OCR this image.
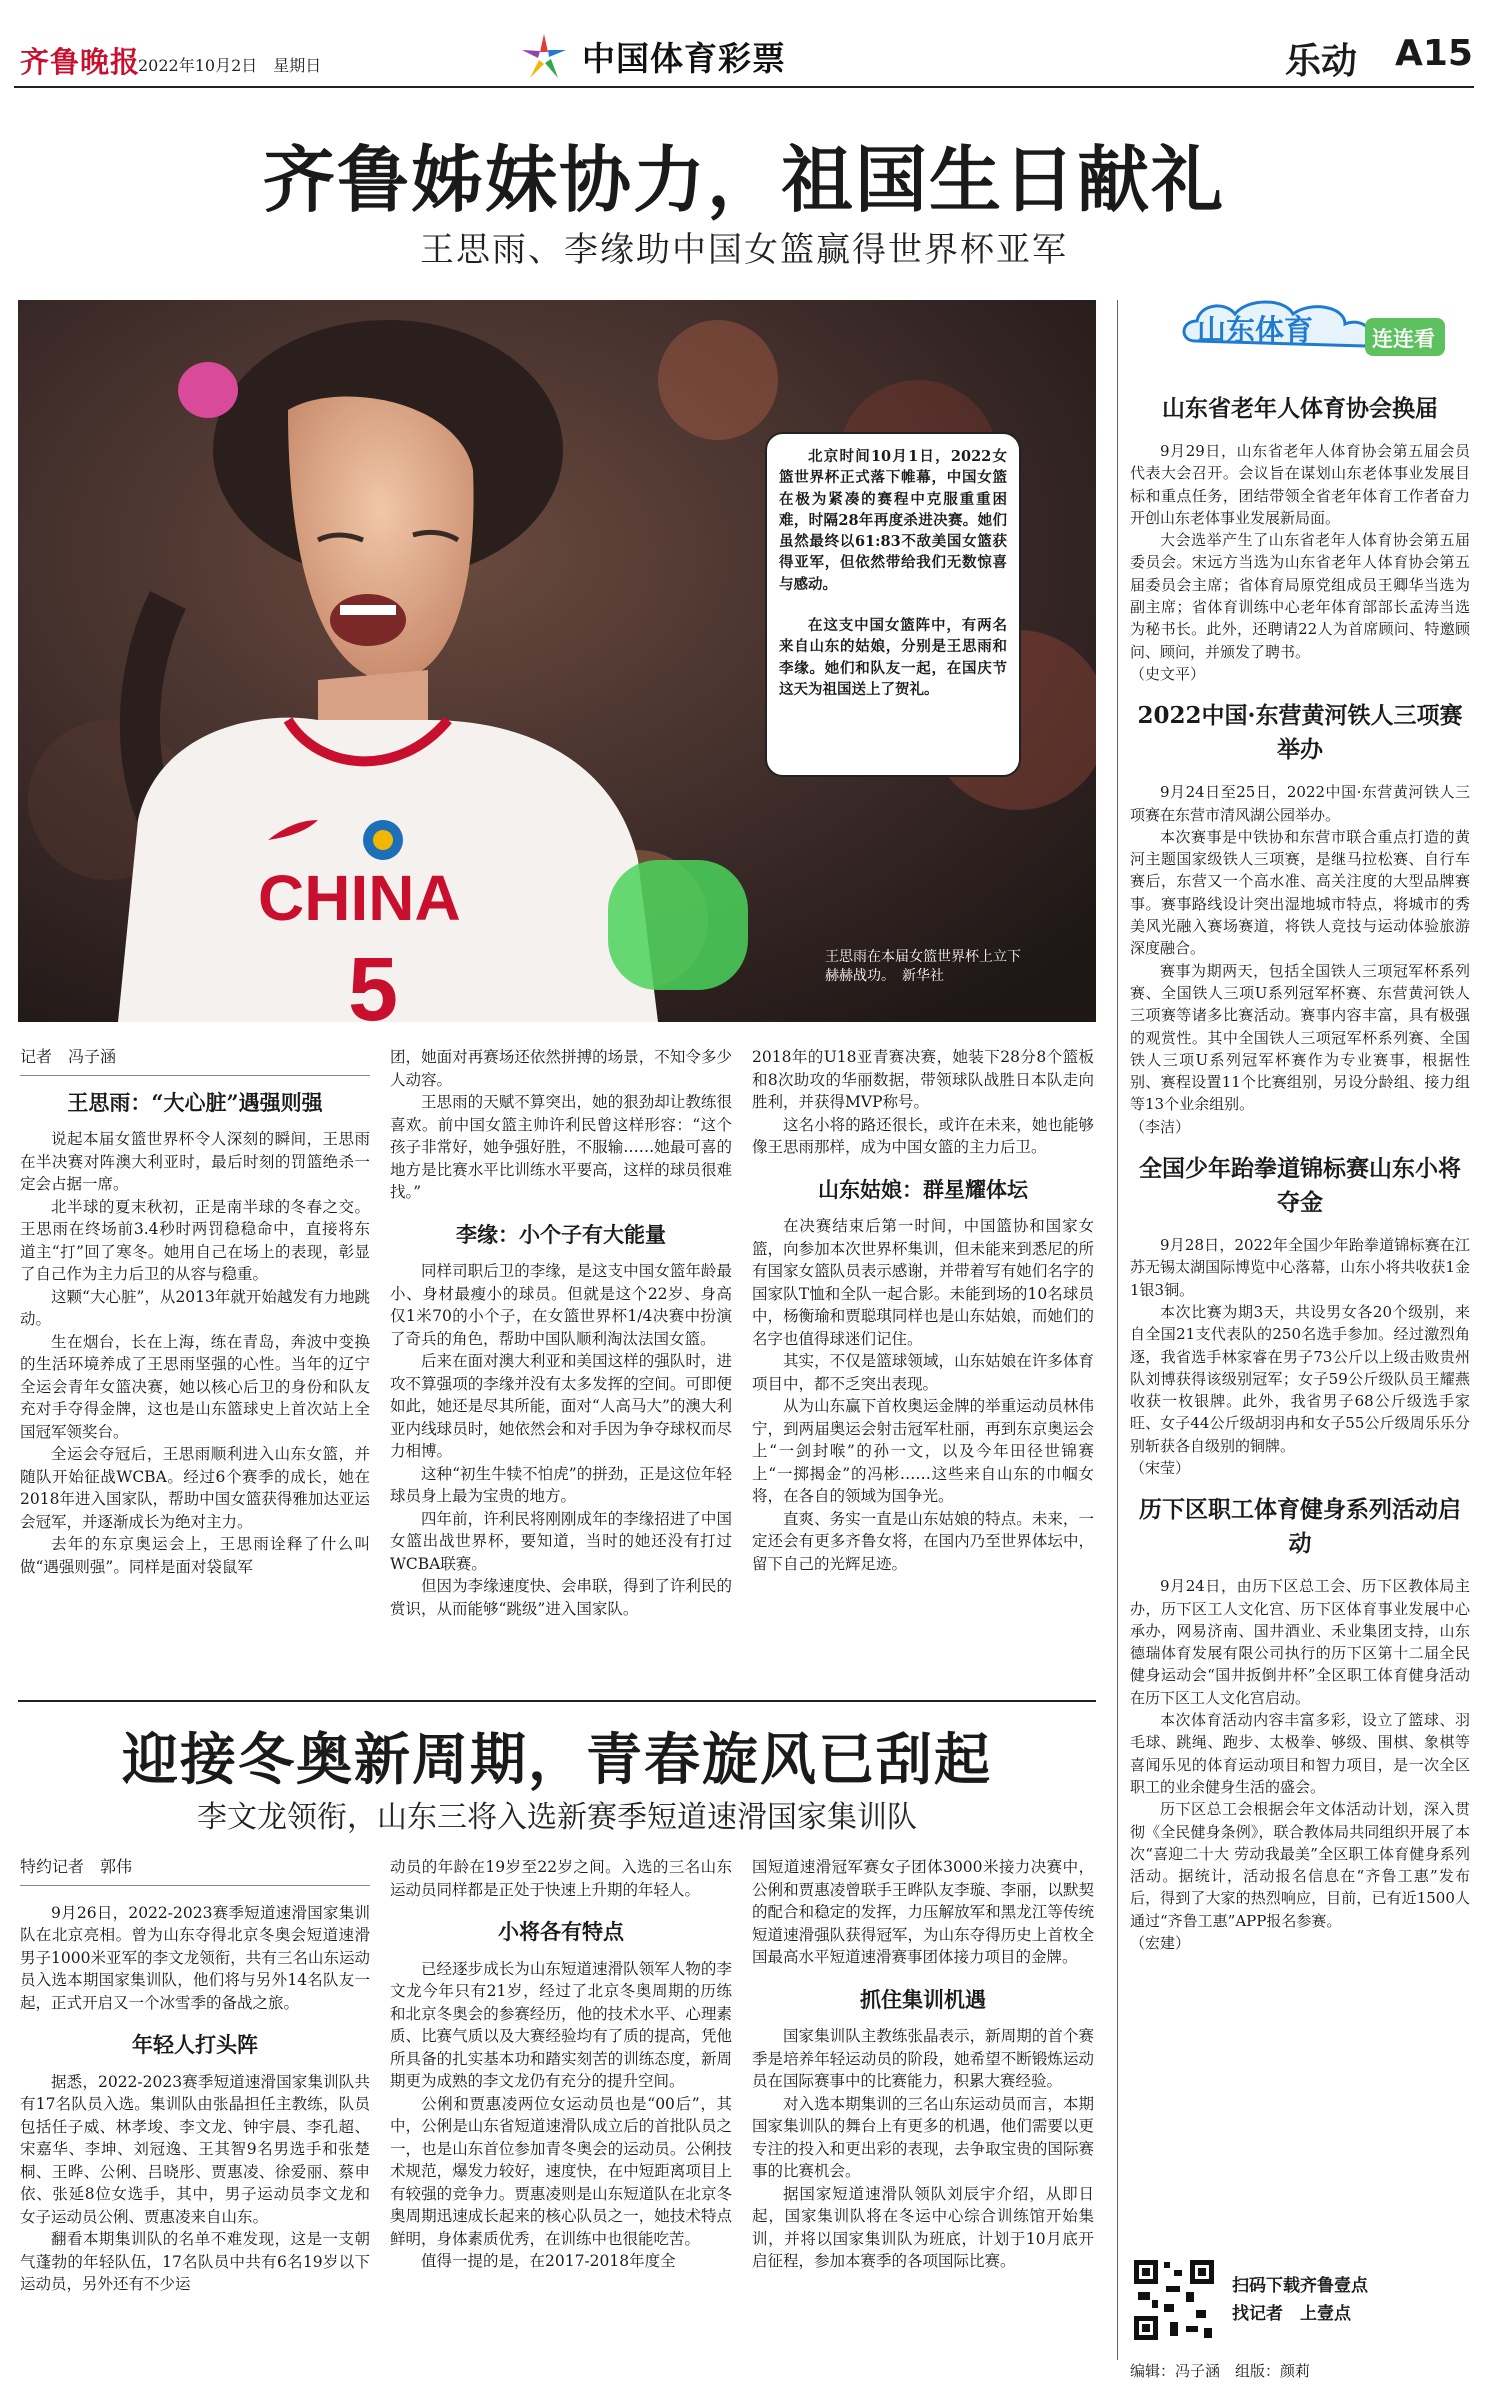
齐鲁晚报
2022年10月2日　星期日	中国体育彩票	乐动 A15
齐鲁姊妹协力，祖国生日献礼
王思雨、李缘助中国女篮赢得世界杯亚军
CHINA
5

北京时间10月1日，2022女篮世界杯正式落下帷幕，中国女篮在极为紧凑的赛程中克服重重困难，时隔28年再度杀进决赛。她们虽然最终以61:83不敌美国女篮获得亚军，但依然带给我们无数惊喜与感动。

在这支中国女篮阵中，有两名来自山东的姑娘，分别是王思雨和李缘。她们和队友一起，在国庆节这天为祖国送上了贺礼。

王思雨在本届女篮世界杯上立下赫赫战功。　新华社
记者　冯子涵
王思雨：“大心脏”遇强则强

说起本届女篮世界杯令人深刻的瞬间，王思雨在半决赛对阵澳大利亚时，最后时刻的罚篮绝杀一定会占据一席。

北半球的夏末秋初，正是南半球的冬春之交。王思雨在终场前3.4秒时两罚稳稳命中，直接将东道主“打”回了寒冬。她用自己在场上的表现，彰显了自己作为主力后卫的从容与稳重。

这颗“大心脏”，从2013年就开始越发有力地跳动。

生在烟台，长在上海，练在青岛，奔波中变换的生活环境养成了王思雨坚强的心性。当年的辽宁全运会青年女篮决赛，她以核心后卫的身份和队友充对手夺得金牌，这也是山东篮球史上首次站上全国冠军领奖台。

全运会夺冠后，王思雨顺利进入山东女篮，并随队开始征战WCBA。经过6个赛季的成长，她在2018年进入国家队，帮助中国女篮获得雅加达亚运会冠军，并逐渐成长为绝对主力。

去年的东京奥运会上，王思雨诠释了什么叫做“遇强则强”。同样是面对袋鼠军

团，她面对再赛场还依然拼搏的场景，不知令多少人动容。

王思雨的天赋不算突出，她的狠劲却让教练很喜欢。前中国女篮主帅许利民曾这样形容：“这个孩子非常好，她争强好胜，不服输……她最可喜的地方是比赛水平比训练水平要高，这样的球员很难找。”

李缘：小个子有大能量

同样司职后卫的李缘，是这支中国女篮年龄最小、身材最瘦小的球员。但就是这个22岁、身高仅1米70的小个子，在女篮世界杯1/4决赛中扮演了奇兵的角色，帮助中国队顺利淘汰法国女篮。

后来在面对澳大利亚和美国这样的强队时，进攻不算强项的李缘并没有太多发挥的空间。可即便如此，她还是尽其所能，面对“人高马大”的澳大利亚内线球员时，她依然会和对手因为争夺球权而尽力相博。

这种“初生牛犊不怕虎”的拼劲，正是这位年轻球员身上最为宝贵的地方。

四年前，许利民将刚刚成年的李缘招进了中国女篮出战世界杯，要知道，当时的她还没有打过WCBA联赛。

但因为李缘速度快、会串联，得到了许利民的赏识，从而能够“跳级”进入国家队。

2018年的U18亚青赛决赛，她装下28分8个篮板和8次助攻的华丽数据，带领球队战胜日本队走向胜利，并获得MVP称号。

这名小将的路还很长，或许在未来，她也能够像王思雨那样，成为中国女篮的主力后卫。

山东姑娘：群星耀体坛

在决赛结束后第一时间，中国篮协和国家女篮，向参加本次世界杯集训，但未能来到悉尼的所有国家女篮队员表示感谢，并带着写有她们名字的国家队T恤和全队一起合影。未能到场的10名球员中，杨衡瑜和贾聪琪同样也是山东姑娘，而她们的名字也值得球迷们记住。

其实，不仅是篮球领域，山东姑娘在许多体育项目中，都不乏突出表现。

从为山东赢下首枚奥运金牌的举重运动员林伟宁，到两届奥运会射击冠军杜丽，再到东京奥运会上“一剑封喉”的孙一文，以及今年田径世锦赛上“一掷揭金”的冯彬……这些来自山东的巾帼女将，在各自的领域为国争光。

直爽、务实一直是山东姑娘的特点。未来，一定还会有更多齐鲁女将，在国内乃至世界体坛中，留下自己的光辉足迹。

迎接冬奥新周期，青春旋风已刮起
李文龙领衔，山东三将入选新赛季短道速滑国家集训队
特约记者　郭伟

9月26日，2022-2023赛季短道速滑国家集训队在北京亮相。曾为山东夺得北京冬奥会短道速滑男子1000米亚军的李文龙领衔，共有三名山东运动员入选本期国家集训队，他们将与另外14名队友一起，正式开启又一个冰雪季的备战之旅。

年轻人打头阵

据悉，2022-2023赛季短道速滑国家集训队共有17名队员入选。集训队由张晶担任主教练，队员包括任子威、林孝埈、李文龙、钟宇晨、李孔超、宋嘉华、李坤、刘冠逸、王其智9名男选手和张楚桐、王晔、公俐、吕晓彤、贾惠凌、徐爱丽、蔡申依、张延8位女选手，其中，男子运动员李文龙和女子运动员公俐、贾惠凌来自山东。

翻看本期集训队的名单不难发现，这是一支朝气蓬勃的年轻队伍，17名队员中共有6名19岁以下运动员，另外还有不少运

动员的年龄在19岁至22岁之间。入选的三名山东运动员同样都是正处于快速上升期的年轻人。

小将各有特点

已经逐步成长为山东短道速滑队领军人物的李文龙今年只有21岁，经过了北京冬奥周期的历练和北京冬奥会的参赛经历，他的技术水平、心理素质、比赛气质以及大赛经验均有了质的提高，凭他所具备的扎实基本功和踏实刻苦的训练态度，新周期更为成熟的李文龙仍有充分的提升空间。

公俐和贾惠凌两位女运动员也是“00后”，其中，公俐是山东省短道速滑队成立后的首批队员之一，也是山东首位参加青冬奥会的运动员。公俐技术规范，爆发力较好，速度快，在中短距离项目上有较强的竞争力。贾惠凌则是山东短道队在北京冬奥周期迅速成长起来的核心队员之一，她技术特点鲜明，身体素质优秀，在训练中也很能吃苦。

值得一提的是，在2017-2018年度全

国短道速滑冠军赛女子团体3000米接力决赛中，公俐和贾惠凌曾联手王晔队友李璇、李丽，以默契的配合和稳定的发挥，力压解放军和黑龙江等传统短道速滑强队获得冠军，为山东夺得历史上首枚全国最高水平短道速滑赛事团体接力项目的金牌。

抓住集训机遇

国家集训队主教练张晶表示，新周期的首个赛季是培养年轻运动员的阶段，她希望不断锻炼运动员在国际赛事中的比赛能力，积累大赛经验。

对入选本期集训的三名山东运动员而言，本期国家集训队的舞台上有更多的机遇，他们需要以更专注的投入和更出彩的表现，去争取宝贵的国际赛事的比赛机会。

据国家短道速滑队领队刘辰宇介绍，从即日起，国家集训队将在冬运中心综合训练馆开始集训，并将以国家集训队为班底，计划于10月底开启征程，参加本赛季的各项国际比赛。

山东体育	连连看
山东省老年人体育协会换届

9月29日，山东省老年人体育协会第五届会员代表大会召开。会议旨在谋划山东老体事业发展目标和重点任务，团结带领全省老年体育工作者奋力开创山东老体事业发展新局面。

大会选举产生了山东省老年人体育协会第五届委员会。宋远方当选为山东省老年人体育协会第五届委员会主席；省体育局原党组成员王卿华当选为副主席；省体育训练中心老年体育部部长孟涛当选为秘书长。此外，还聘请22人为首席顾问、特邀顾问、顾问，并颁发了聘书。

（史文平）

2022中国·东营黄河铁人三项赛举办

9月24日至25日，2022中国·东营黄河铁人三项赛在东营市清风湖公园举办。

本次赛事是中铁协和东营市联合重点打造的黄河主题国家级铁人三项赛，是继马拉松赛、自行车赛后，东营又一个高水准、高关注度的大型品牌赛事。赛事路线设计突出湿地城市特点，将城市的秀美风光融入赛场赛道，将铁人竞技与运动体验旅游深度融合。

赛事为期两天，包括全国铁人三项冠军杯系列赛、全国铁人三项U系列冠军杯赛、东营黄河铁人三项赛等诸多比赛活动。赛事内容丰富，具有极强的观赏性。其中全国铁人三项冠军杯系列赛、全国铁人三项U系列冠军杯赛作为专业赛事，根据性别、赛程设置11个比赛组别，另设分龄组、接力组等13个业余组别。

（李洁）

全国少年跆拳道锦标赛山东小将夺金

9月28日，2022年全国少年跆拳道锦标赛在江苏无锡太湖国际博览中心落幕，山东小将共收获1金1银3铜。

本次比赛为期3天，共设男女各20个级别，来自全国21支代表队的250名选手参加。经过激烈角逐，我省选手林家睿在男子73公斤以上级击败贵州队刘博获得该级别冠军；女子59公斤级队员王耀燕收获一枚银牌。此外，我省男子68公斤级选手家旺、女子44公斤级胡羽冉和女子55公斤级周乐乐分别斩获各自级别的铜牌。

（宋莹）

历下区职工体育健身系列活动启动

9月24日，由历下区总工会、历下区教体局主办，历下区工人文化宫、历下区体育事业发展中心承办，网易济南、国井酒业、禾业集团支持，山东德瑞体育发展有限公司执行的历下区第十二届全民健身运动会“国井扳倒井杯”全区职工体育健身活动在历下区工人文化宫启动。

本次体育活动内容丰富多彩，设立了篮球、羽毛球、跳绳、跑步、太极拳、够级、围棋、象棋等喜闻乐见的体育运动项目和智力项目，是一次全区职工的业余健身生活的盛会。

历下区总工会根据会年文体活动计划，深入贯彻《全民健身条例》，联合教体局共同组织开展了本次“喜迎二十大 劳动我最美”全区职工体育健身系列活动。据统计，活动报名信息在“齐鲁工惠”发布后，得到了大家的热烈响应，目前，已有近1500人通过“齐鲁工惠”APP报名参赛。

（宏建）

扫码下载齐鲁壹点
找记者　上壹点
编辑：冯子涵　组版：颜莉
